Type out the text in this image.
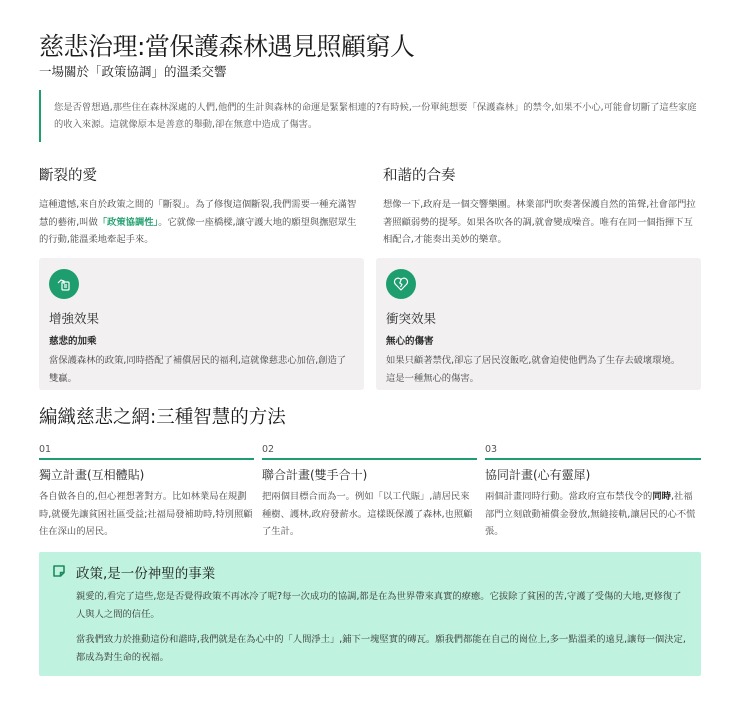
慈悲治理:當保護森林遇見照顧窮人
一場關於「政策協調」的溫柔交響
您是否曾想過,那些住在森林深處的人們,他們的生計與森林的命運是緊緊相連的?有時候,一份單純想要「保護森林」的禁令,如果不小心,可能會切斷了這些家庭的收入來源。這就像原本是善意的舉動,卻在無意中造成了傷害。
斷裂的愛

這種遺憾,來自於政策之間的「斷裂」。為了修復這個斷裂,我們需要一種充滿智慧的藝術,叫做「政策協調性」。它就像一座橋樑,讓守護大地的願望與撫慰眾生的行動,能溫柔地牽起手來。

和諧的合奏

想像一下,政府是一個交響樂團。林業部門吹奏著保護自然的笛聲,社會部門拉著照顧弱勢的提琴。如果各吹各的調,就會變成噪音。唯有在同一個指揮下互相配合,才能奏出美妙的樂章。

增強效果
慈悲的加乘

當保護森林的政策,同時搭配了補償居民的福利,這就像慈悲心加倍,創造了雙贏。

衝突效果
無心的傷害

如果只顧著禁伐,卻忘了居民沒飯吃,就會迫使他們為了生存去破壞環境。這是一種無心的傷害。

編織慈悲之網:三種智慧的方法
01
獨立計畫(互相體貼)

各自做各自的,但心裡想著對方。比如林業局在規劃時,就優先讓貧困社區受益;社福局發補助時,特別照顧住在深山的居民。

02
聯合計畫(雙手合十)

把兩個目標合而為一。例如「以工代賑」,請居民來種樹、護林,政府發薪水。這樣既保護了森林,也照顧了生計。

03
協同計畫(心有靈犀)

兩個計畫同時行動。當政府宣布禁伐令的同時,社福部門立刻啟動補償金發放,無縫接軌,讓居民的心不慌張。

政策,是一份神聖的事業

親愛的,看完了這些,您是否覺得政策不再冰冷了呢?每一次成功的協調,都是在為世界帶來真實的療癒。它拔除了貧困的苦,守護了受傷的大地,更修復了人與人之間的信任。

當我們致力於推動這份和諧時,我們就是在為心中的「人間淨土」,鋪下一塊堅實的磚瓦。願我們都能在自己的崗位上,多一點溫柔的遠見,讓每一個決定,都成為對生命的祝福。
